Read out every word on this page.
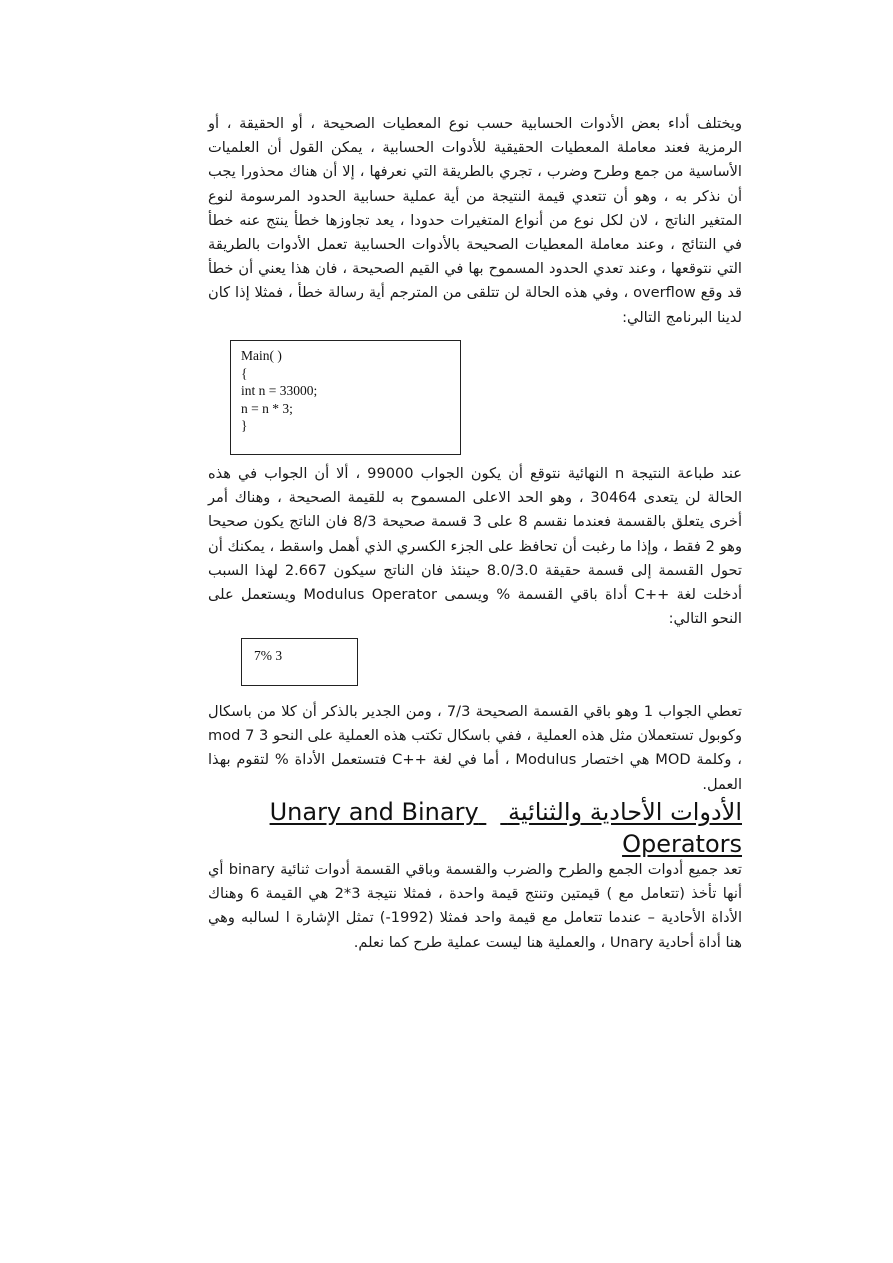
ويختلف أداء بعض الأدوات الحسابية حسب نوع المعطيات الصحيحة ، أو الحقيقة ، أو الرمزية فعند معاملة المعطيات الحقيقية للأدوات الحسابية ، يمكن القول أن العلميات الأساسية من جمع وطرح وضرب ، تجري بالطريقة التي نعرفها ، إلا أن هناك محذورا يجب أن نذكر به ، وهو أن تتعدي قيمة النتيجة من أية عملية حسابية الحدود المرسومة لنوع المتغير الناتج ، لان لكل نوع من أنواع المتغيرات حدودا ، يعد تجاوزها خطأ ينتج عنه خطأ في النتائج ، وعند معاملة المعطيات الصحيحة بالأدوات الحسابية تعمل الأدوات بالطريقة التي نتوقعها ، وعند تعدي الحدود المسموح بها في القيم الصحيحة ، فان هذا يعني أن خطأ قد وقع overflow ، وفي هذه الحالة لن تتلقى من المترجم أية رسالة خطأ ، فمثلا إذا كان لدينا البرنامج التالي:

Main( )
{
int n = 33000;
n = n * 3;
}

عند طباعة النتيجة n النهائية نتوقع أن يكون الجواب 99000 ، ألا أن الجواب في هذه الحالة لن يتعدى 30464 ، وهو الحد الاعلى المسموح به للقيمة الصحيحة ، وهناك أمر أخرى يتعلق بالقسمة فعندما نقسم 8 على 3 قسمة صحيحة 8/3 فان الناتج يكون صحيحا وهو 2 فقط ، وإذا ما رغبت أن تحافظ على الجزء الكسري الذي أهمل واسقط ، يمكنك أن تحول القسمة إلى قسمة حقيقة 8.0/3.0 حينئذ فان الناتج سيكون 2.667 لهذا السبب أدخلت لغة ++C أداة باقي القسمة % ويسمى Modulus Operator ويستعمل على النحو التالي:

7% 3

تعطي الجواب 1 وهو باقي القسمة الصحيحة 7/3 ، ومن الجدير بالذكر أن كلا من باسكال وكوبول تستعملان مثل هذه العملية ، ففي باسكال تكتب هذه العملية على النحو 3 mod 7 ، وكلمة MOD هي اختصار Modulus ، أما في لغة ++C فتستعمل الأداة % لتقوم بهذا العمل.

الأدوات الأحادية والثنائية  Unary and Binary Operators

تعد جميع أدوات الجمع والطرح والضرب والقسمة وباقي القسمة أدوات ثنائية binary أي أنها تأخذ (تتعامل مع ) قيمتين وتنتج قيمة واحدة ، فمثلا نتيجة 3*2 هي القيمة 6 وهناك الأداة الأحادية – عندما تتعامل مع قيمة واحد فمثلا (1992-) تمثل الإشارة ا لسالبه وهي هنا أداة أحادية Unary ، والعملية هنا ليست عملية طرح كما نعلم.
